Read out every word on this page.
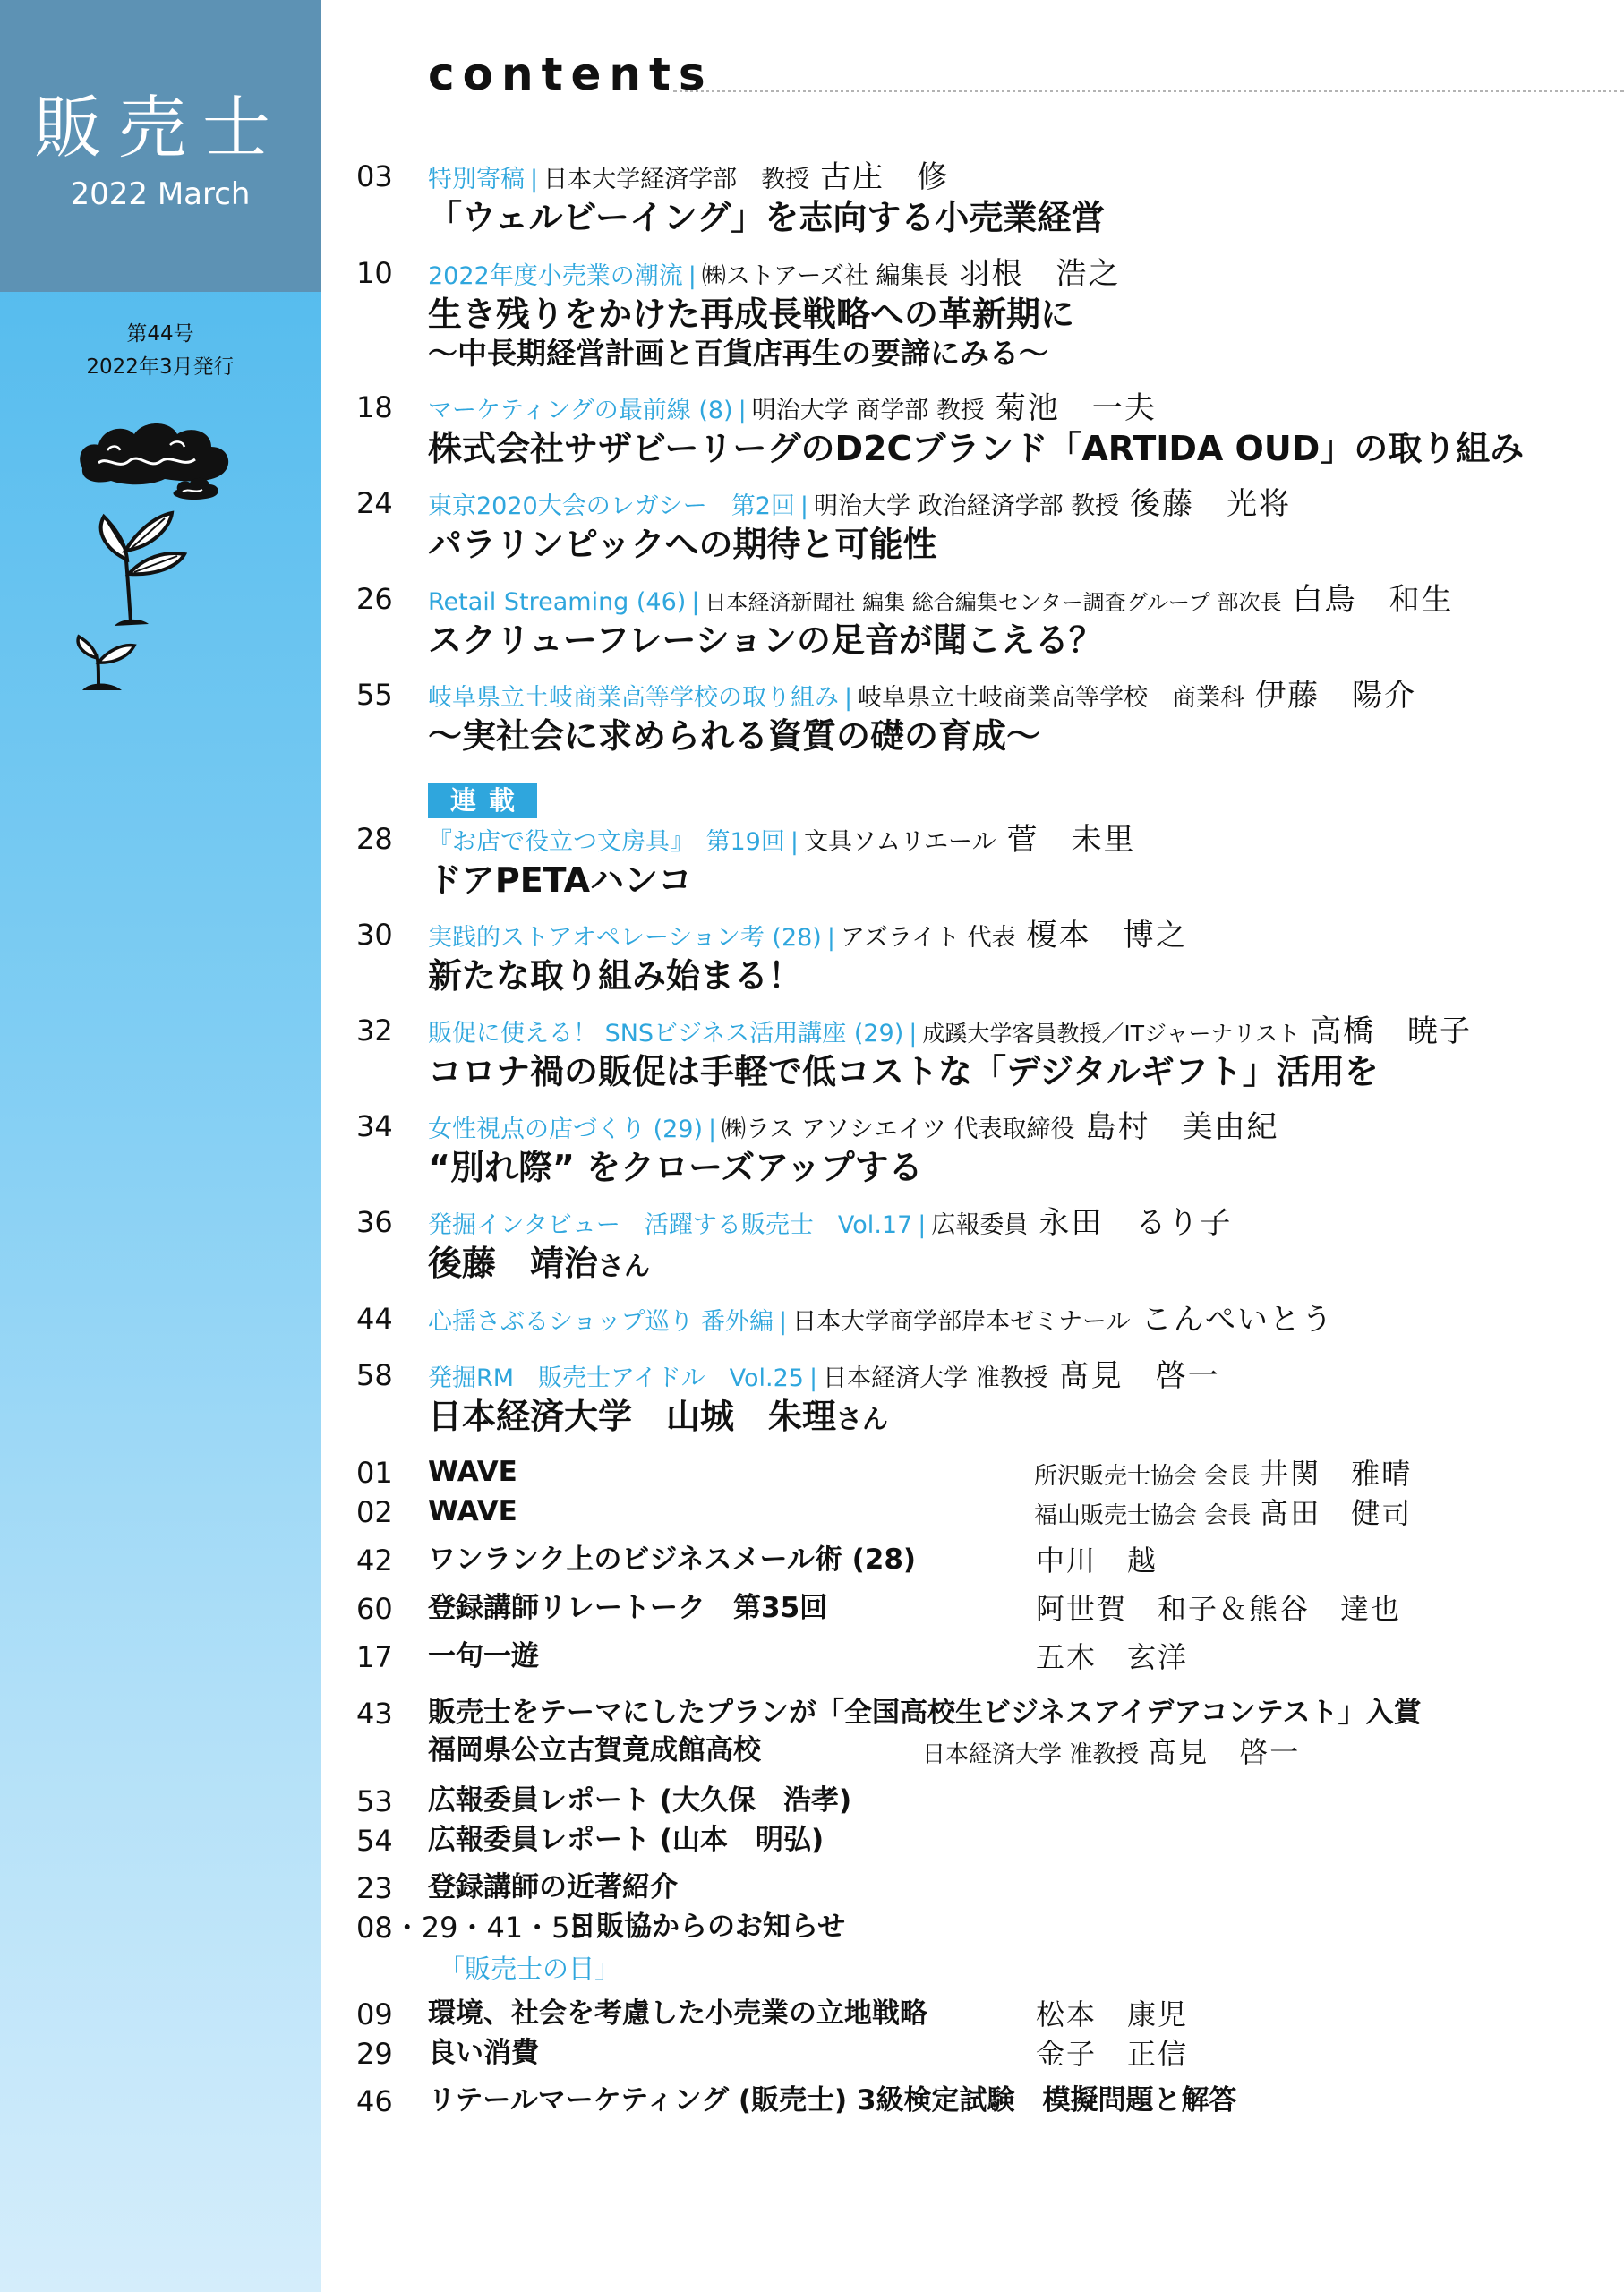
販売士
2022 March
第44号
2022年3月発行
contents
03 特別寄稿 | 日本大学経済学部　教授 古庄　修
「ウェルビーイング」を志向する小売業経営
10 2022年度小売業の潮流 | ㈱ストアーズ社 編集長 羽根　浩之
生き残りをかけた再成長戦略への革新期に
～中長期経営計画と百貨店再生の要諦にみる～
18 マーケティングの最前線 (8) | 明治大学 商学部 教授 菊池　一夫
株式会社サザビーリーグのD2Cブランド「ARTIDA OUD」の取り組み
24 東京2020大会のレガシー　第2回 | 明治大学 政治経済学部 教授 後藤　光将
パラリンピックへの期待と可能性
26 Retail Streaming (46) | 日本経済新聞社 編集 総合編集センター調査グループ 部次長 白鳥　和生
スクリューフレーションの足音が聞こえる？
55 岐阜県立土岐商業高等学校の取り組み | 岐阜県立土岐商業高等学校　商業科 伊藤　陽介
～実社会に求められる資質の礎の育成～
連載
28 『お店で役立つ文房具』　第19回 | 文具ソムリエール 菅　未里
ドアPETAハンコ
30 実践的ストアオペレーション考 (28) | アズライト 代表 榎本　博之
新たな取り組み始まる！
32 販促に使える！ SNSビジネス活用講座 (29) | 成蹊大学客員教授／ITジャーナリスト 高橋　暁子
コロナ禍の販促は手軽で低コストな「デジタルギフト」活用を
34 女性視点の店づくり (29) | ㈱ラス アソシエイツ 代表取締役 島村　美由紀
“別れ際” をクローズアップする
36 発掘インタビュー　活躍する販売士　Vol.17 | 広報委員 永田　るり子
後藤　靖治さん
44 心揺さぶるショップ巡り 番外編 | 日本大学商学部岸本ゼミナール こんぺいとう
58 発掘RM　販売士アイドル　Vol.25 | 日本経済大学 准教授 髙見　啓一
日本経済大学　山城　朱理さん
01 WAVE	所沢販売士協会 会長 井関　雅晴
02 WAVE	福山販売士協会 会長 髙田　健司
42 ワンランク上のビジネスメール術 (28)	中川　越
60 登録講師リレートーク　第35回	阿世賀　和子＆熊谷　達也
17 一句一遊	五木　玄洋
43 販売士をテーマにしたプランが「全国高校生ビジネスアイデアコンテスト」入賞
福岡県公立古賀竟成館高校	日本経済大学 准教授 髙見　啓一
53 広報委員レポート (大久保　浩孝)
54 広報委員レポート (山本　明弘)
23 登録講師の近著紹介
08・29・41・53
日販協からのお知らせ
「販売士の目」
09 環境、社会を考慮した小売業の立地戦略	松本　康児
29 良い消費	金子　正信
46 リテールマーケティング (販売士) 3級検定試験　模擬問題と解答
